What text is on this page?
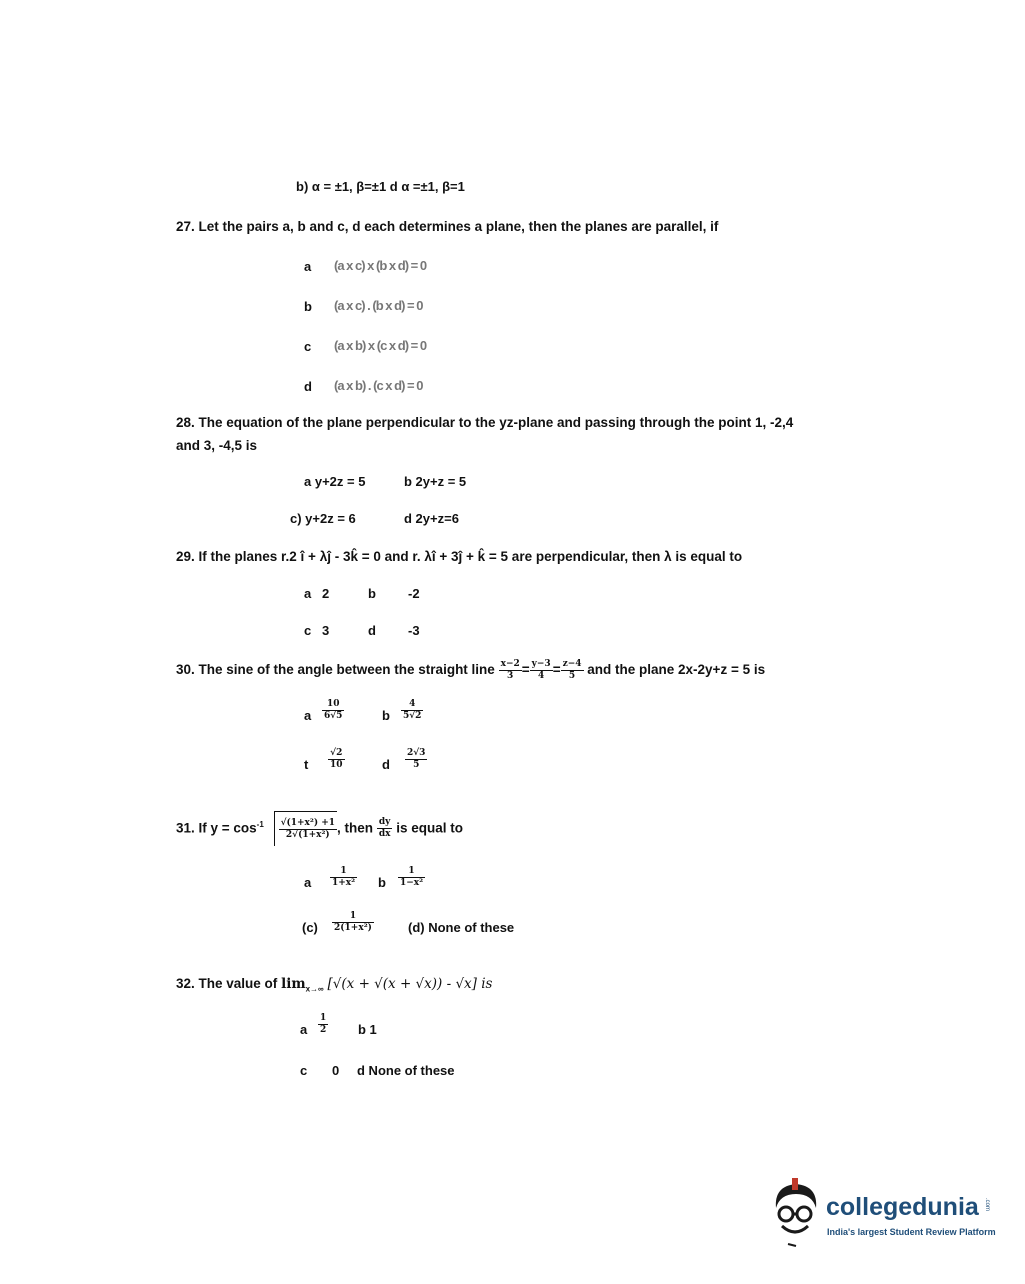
b) α = ±1, β=±1 d α =±1, β=1
27. Let the pairs a, b and c, d each determines a plane, then the planes are parallel, if
a (a x c) x (b x d) = 0
b (a x c) . (b x d) = 0
c (a x b) x (c x d) = 0
d (a x b) . (c x d) = 0
28. The equation of the plane perpendicular to the yz-plane and passing through the point 1, -2,4
and 3, -4,5 is
a y+2z = 5	b 2y+z = 5
c) y+2z = 6	d 2y+z=6
29. If the planes r.2 î + λĵ - 3k̂ = 0 and r. λî + 3ĵ + k̂ = 5 are perpendicular, then λ is equal to
a 2	b -2
c 3	d -3
30. The sine of the angle between the straight line $\frac{x-2}{3} = \frac{y-3}{4} = \frac{z-4}{5}$ and the plane 2x-2y+z = 5 is
a $\frac{10}{6√5}$	b $\frac{4}{5√2}$
t $\frac{√2}{10}$	d $\frac{2√3}{5}$
31. If $y = \cos^{-1} \frac{\text{√(1+x²) +1}}{\text{2√(1+x²)}}$ , then $\frac{dy}{dx}$ is equal to
a $\frac{1}{\text{1+x²}}$ b $\frac{1}{\text{1−x²}}$
$(c) \frac{1}{\text{2(1+x²)}}$	(d) None of these
32. The value of $\lim_{x\to\infty} [√(x + √(x + √x)) - √x]$ is
a $\frac{1}{2}$ b 1
c 0 d None of these
collegedunia .com
India's largest Student Review Platform
